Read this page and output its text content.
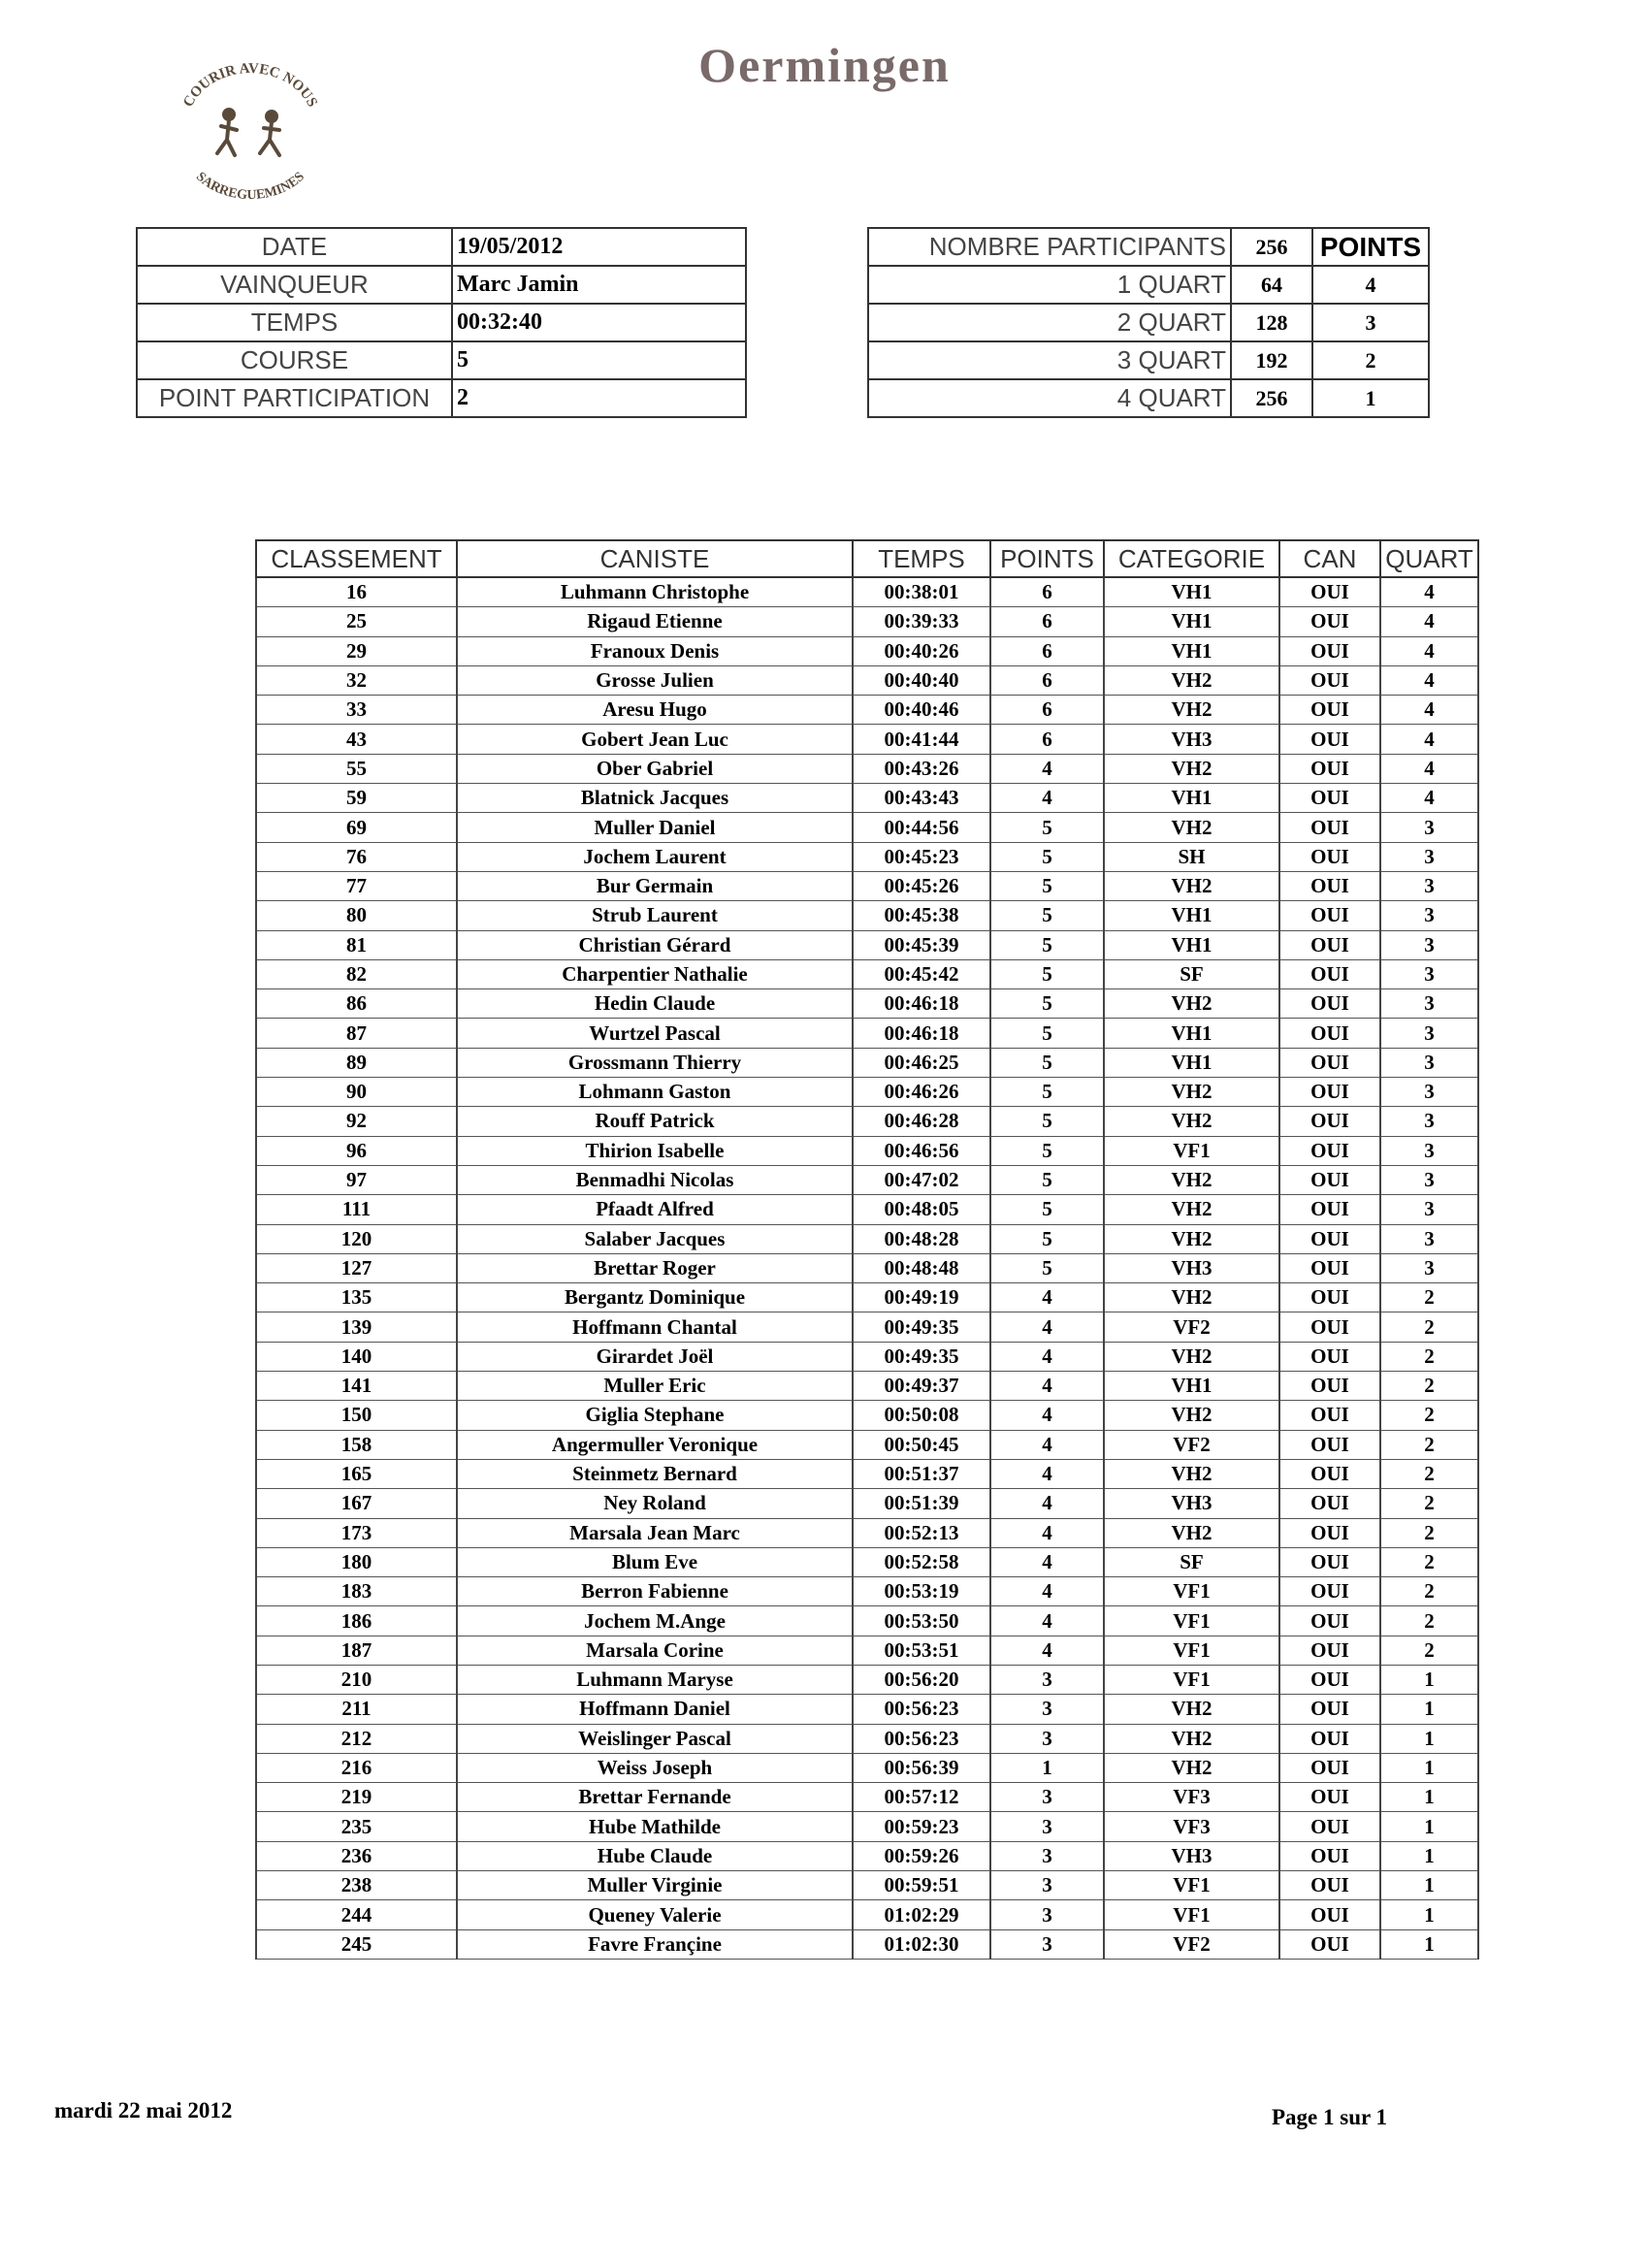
Oermingen
COURIR AVEC NOUS
SARREGUEMINES
DATE	19/05/2012
VAINQUEUR	Marc Jamin
TEMPS	00:32:40
COURSE	5
POINT PARTICIPATION	2
NOMBRE PARTICIPANTS	256	POINTS
1 QUART	64	4
2 QUART	128	3
3 QUART	192	2
4 QUART	256	1
CLASSEMENT	CANISTE	TEMPS	POINTS	CATEGORIE	CAN	QUART
16	Luhmann Christophe	00:38:01	6	VH1	OUI	4
25	Rigaud Etienne	00:39:33	6	VH1	OUI	4
29	Franoux Denis	00:40:26	6	VH1	OUI	4
32	Grosse Julien	00:40:40	6	VH2	OUI	4
33	Aresu Hugo	00:40:46	6	VH2	OUI	4
43	Gobert Jean Luc	00:41:44	6	VH3	OUI	4
55	Ober Gabriel	00:43:26	4	VH2	OUI	4
59	Blatnick Jacques	00:43:43	4	VH1	OUI	4
69	Muller Daniel	00:44:56	5	VH2	OUI	3
76	Jochem Laurent	00:45:23	5	SH	OUI	3
77	Bur Germain	00:45:26	5	VH2	OUI	3
80	Strub Laurent	00:45:38	5	VH1	OUI	3
81	Christian Gérard	00:45:39	5	VH1	OUI	3
82	Charpentier Nathalie	00:45:42	5	SF	OUI	3
86	Hedin Claude	00:46:18	5	VH2	OUI	3
87	Wurtzel Pascal	00:46:18	5	VH1	OUI	3
89	Grossmann Thierry	00:46:25	5	VH1	OUI	3
90	Lohmann Gaston	00:46:26	5	VH2	OUI	3
92	Rouff Patrick	00:46:28	5	VH2	OUI	3
96	Thirion Isabelle	00:46:56	5	VF1	OUI	3
97	Benmadhi Nicolas	00:47:02	5	VH2	OUI	3
111	Pfaadt Alfred	00:48:05	5	VH2	OUI	3
120	Salaber Jacques	00:48:28	5	VH2	OUI	3
127	Brettar Roger	00:48:48	5	VH3	OUI	3
135	Bergantz Dominique	00:49:19	4	VH2	OUI	2
139	Hoffmann Chantal	00:49:35	4	VF2	OUI	2
140	Girardet Joël	00:49:35	4	VH2	OUI	2
141	Muller Eric	00:49:37	4	VH1	OUI	2
150	Giglia Stephane	00:50:08	4	VH2	OUI	2
158	Angermuller Veronique	00:50:45	4	VF2	OUI	2
165	Steinmetz Bernard	00:51:37	4	VH2	OUI	2
167	Ney Roland	00:51:39	4	VH3	OUI	2
173	Marsala Jean Marc	00:52:13	4	VH2	OUI	2
180	Blum Eve	00:52:58	4	SF	OUI	2
183	Berron Fabienne	00:53:19	4	VF1	OUI	2
186	Jochem M.Ange	00:53:50	4	VF1	OUI	2
187	Marsala Corine	00:53:51	4	VF1	OUI	2
210	Luhmann Maryse	00:56:20	3	VF1	OUI	1
211	Hoffmann Daniel	00:56:23	3	VH2	OUI	1
212	Weislinger Pascal	00:56:23	3	VH2	OUI	1
216	Weiss Joseph	00:56:39	1	VH2	OUI	1
219	Brettar Fernande	00:57:12	3	VF3	OUI	1
235	Hube Mathilde	00:59:23	3	VF3	OUI	1
236	Hube Claude	00:59:26	3	VH3	OUI	1
238	Muller Virginie	00:59:51	3	VF1	OUI	1
244	Queney Valerie	01:02:29	3	VF1	OUI	1
245	Favre Françine	01:02:30	3	VF2	OUI	1
mardi 22 mai 2012	Page 1 sur 1
